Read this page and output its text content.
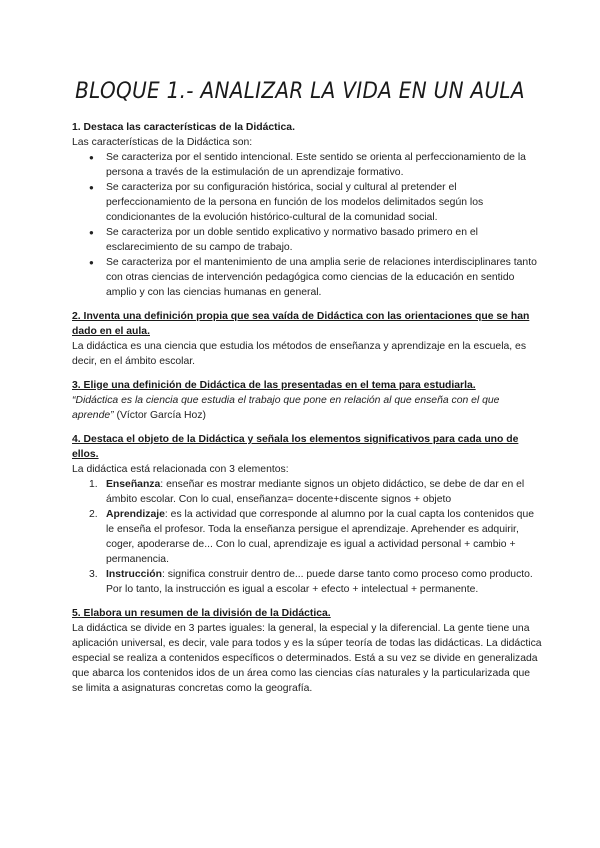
BLOQUE 1.- ANALIZAR LA VIDA EN UN AULA

1. Destaca las características de la Didáctica.

Las características de la Didáctica son:

● Se caracteriza por el sentido intencional. Este sentido se orienta al perfeccionamiento de la persona a través de la estimulación de un aprendizaje formativo.
● Se caracteriza por su configuración histórica, social y cultural al pretender el perfeccionamiento de la persona en función de los modelos delimitados según los condicionantes de la evolución histórico-cultural de la comunidad social.
● Se caracteriza por un doble sentido explicativo y normativo basado primero en el esclarecimiento de su campo de trabajo.
● Se caracteriza por el mantenimiento de una amplia serie de relaciones interdisciplinares tanto con otras ciencias de intervención pedagógica como ciencias de la educación en sentido amplio y con las ciencias humanas en general.

2. Inventa una definición propia que sea vaída de Didáctica con las orientaciones que se han dado en el aula.

La didáctica es una ciencia que estudia los métodos de enseñanza y aprendizaje en la escuela, es decir, en el ámbito escolar.

3. Elige una definición de Didáctica de las presentadas en el tema para estudiarla.

“Didáctica es la ciencia que estudia el trabajo que pone en relación al que enseña con el que aprende” (Víctor García Hoz)

4. Destaca el objeto de la Didáctica y señala los elementos significativos para cada uno de ellos.

La didáctica está relacionada con 3 elementos:

1. Enseñanza: enseñar es mostrar mediante signos un objeto didáctico, se debe de dar en el ámbito escolar. Con lo cual, enseñanza= docente+discente signos + objeto
2. Aprendizaje: es la actividad que corresponde al alumno por la cual capta los contenidos que le enseña el profesor. Toda la enseñanza persigue el aprendizaje. Aprehender es adquirir, coger, apoderarse de... Con lo cual, aprendizaje es igual a actividad personal + cambio + permanencia.
3. Instrucción: significa construir dentro de... puede darse tanto como proceso como producto. Por lo tanto, la instrucción es igual a escolar + efecto + intelectual + permanente.

5. Elabora un resumen de la división de la Didáctica.

La didáctica se divide en 3 partes iguales: la general, la especial y la diferencial. La gente tiene una aplicación universal, es decir, vale para todos y es la súper teoría de todas las didácticas. La didáctica especial se realiza a contenidos específicos o determinados. Está a su vez se divide en generalizada que abarca los contenidos idos de un área como las ciencias cías naturales y la particularizada que se limita a asignaturas concretas como la geografía.
